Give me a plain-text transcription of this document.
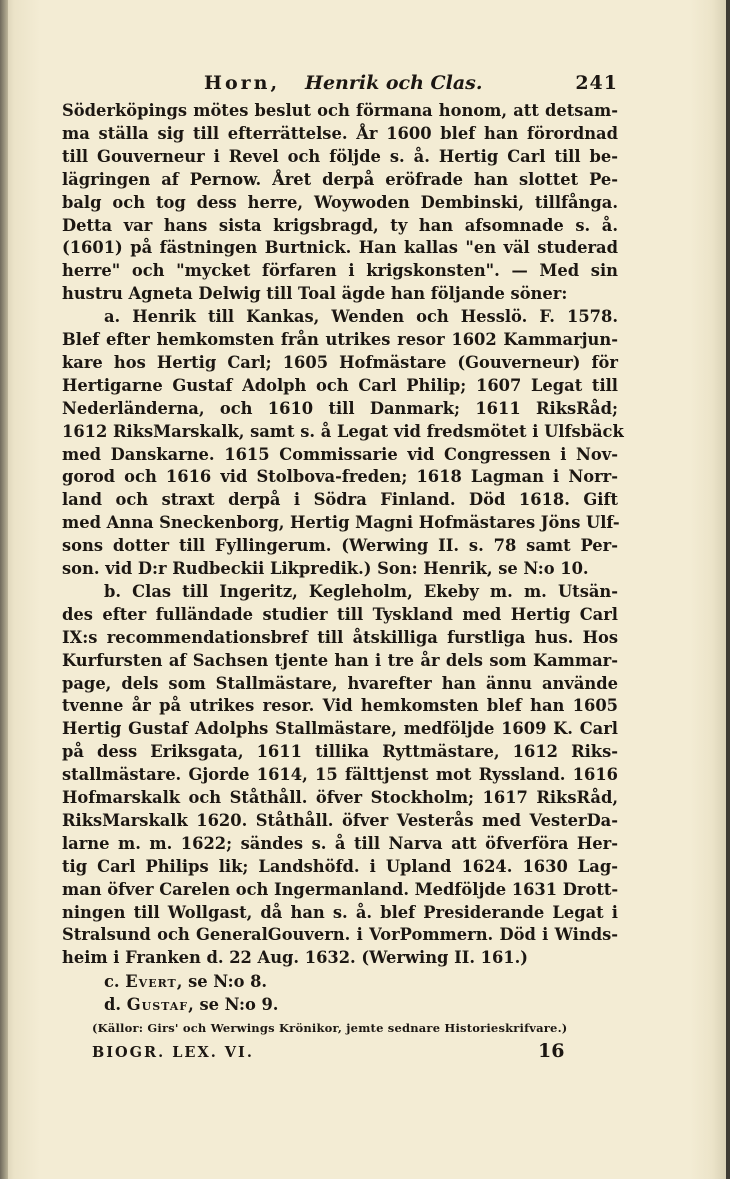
Horn, Henrik och Clas.	241
Söderköpings mötes beslut och förmana honom, att detsam-
ma ställa sig till efterrättelse. År 1600 blef han förordnad
till Gouverneur i Revel och följde s. å. Hertig Carl till be-
lägringen af Pernow. Året derpå eröfrade han slottet Pe-
balg och tog dess herre, Woywoden Dembinski, tillfånga.
Detta var hans sista krigsbragd, ty han afsomnade s. å.
(1601) på fästningen Burtnick. Han kallas "en väl studerad
herre" och "mycket förfaren i krigskonsten". — Med sin
hustru Agneta Delwig till Toal ägde han följande söner:
a. Henrik till Kankas, Wenden och Hesslö. F. 1578.
Blef efter hemkomsten från utrikes resor 1602 Kammarjun-
kare hos Hertig Carl; 1605 Hofmästare (Gouverneur) för
Hertigarne Gustaf Adolph och Carl Philip; 1607 Legat till
Nederländerna, och 1610 till Danmark; 1611 RiksRåd;
1612 RiksMarskalk, samt s. å Legat vid fredsmötet i Ulfsbäck
med Danskarne. 1615 Commissarie vid Congressen i Nov-
gorod och 1616 vid Stolbova-freden; 1618 Lagman i Norr-
land och straxt derpå i Södra Finland. Död 1618. Gift
med Anna Sneckenborg, Hertig Magni Hofmästares Jöns Ulf-
sons dotter till Fyllingerum. (Werwing II. s. 78 samt Per-
son. vid D:r Rudbeckii Likpredik.) Son: Henrik, se N:o 10.
b. Clas till Ingeritz, Kegleholm, Ekeby m. m. Utsän-
des efter fulländade studier till Tyskland med Hertig Carl
IX:s recommendationsbref till åtskilliga furstliga hus. Hos
Kurfursten af Sachsen tjente han i tre år dels som Kammar-
page, dels som Stallmästare, hvarefter han ännu använde
tvenne år på utrikes resor. Vid hemkomsten blef han 1605
Hertig Gustaf Adolphs Stallmästare, medföljde 1609 K. Carl
på dess Eriksgata, 1611 tillika Ryttmästare, 1612 Riks-
stallmästare. Gjorde 1614, 15 fälttjenst mot Ryssland. 1616
Hofmarskalk och Ståthåll. öfver Stockholm; 1617 RiksRåd,
RiksMarskalk 1620. Ståthåll. öfver Vesterås med VesterDa-
larne m. m. 1622; sändes s. å till Narva att öfverföra Her-
tig Carl Philips lik; Landshöfd. i Upland 1624. 1630 Lag-
man öfver Carelen och Ingermanland. Medföljde 1631 Drott-
ningen till Wollgast, då han s. å. blef Presiderande Legat i
Stralsund och GeneralGouvern. i VorPommern. Död i Winds-
heim i Franken d. 22 Aug. 1632. (Werwing II. 161.)
c. Evert, se N:o 8.
d. Gustaf, se N:o 9.
(Källor: Girs' och Werwings Krönikor, jemte sednare Historieskrifvare.)
BIOGR. LEX. VI.	16
